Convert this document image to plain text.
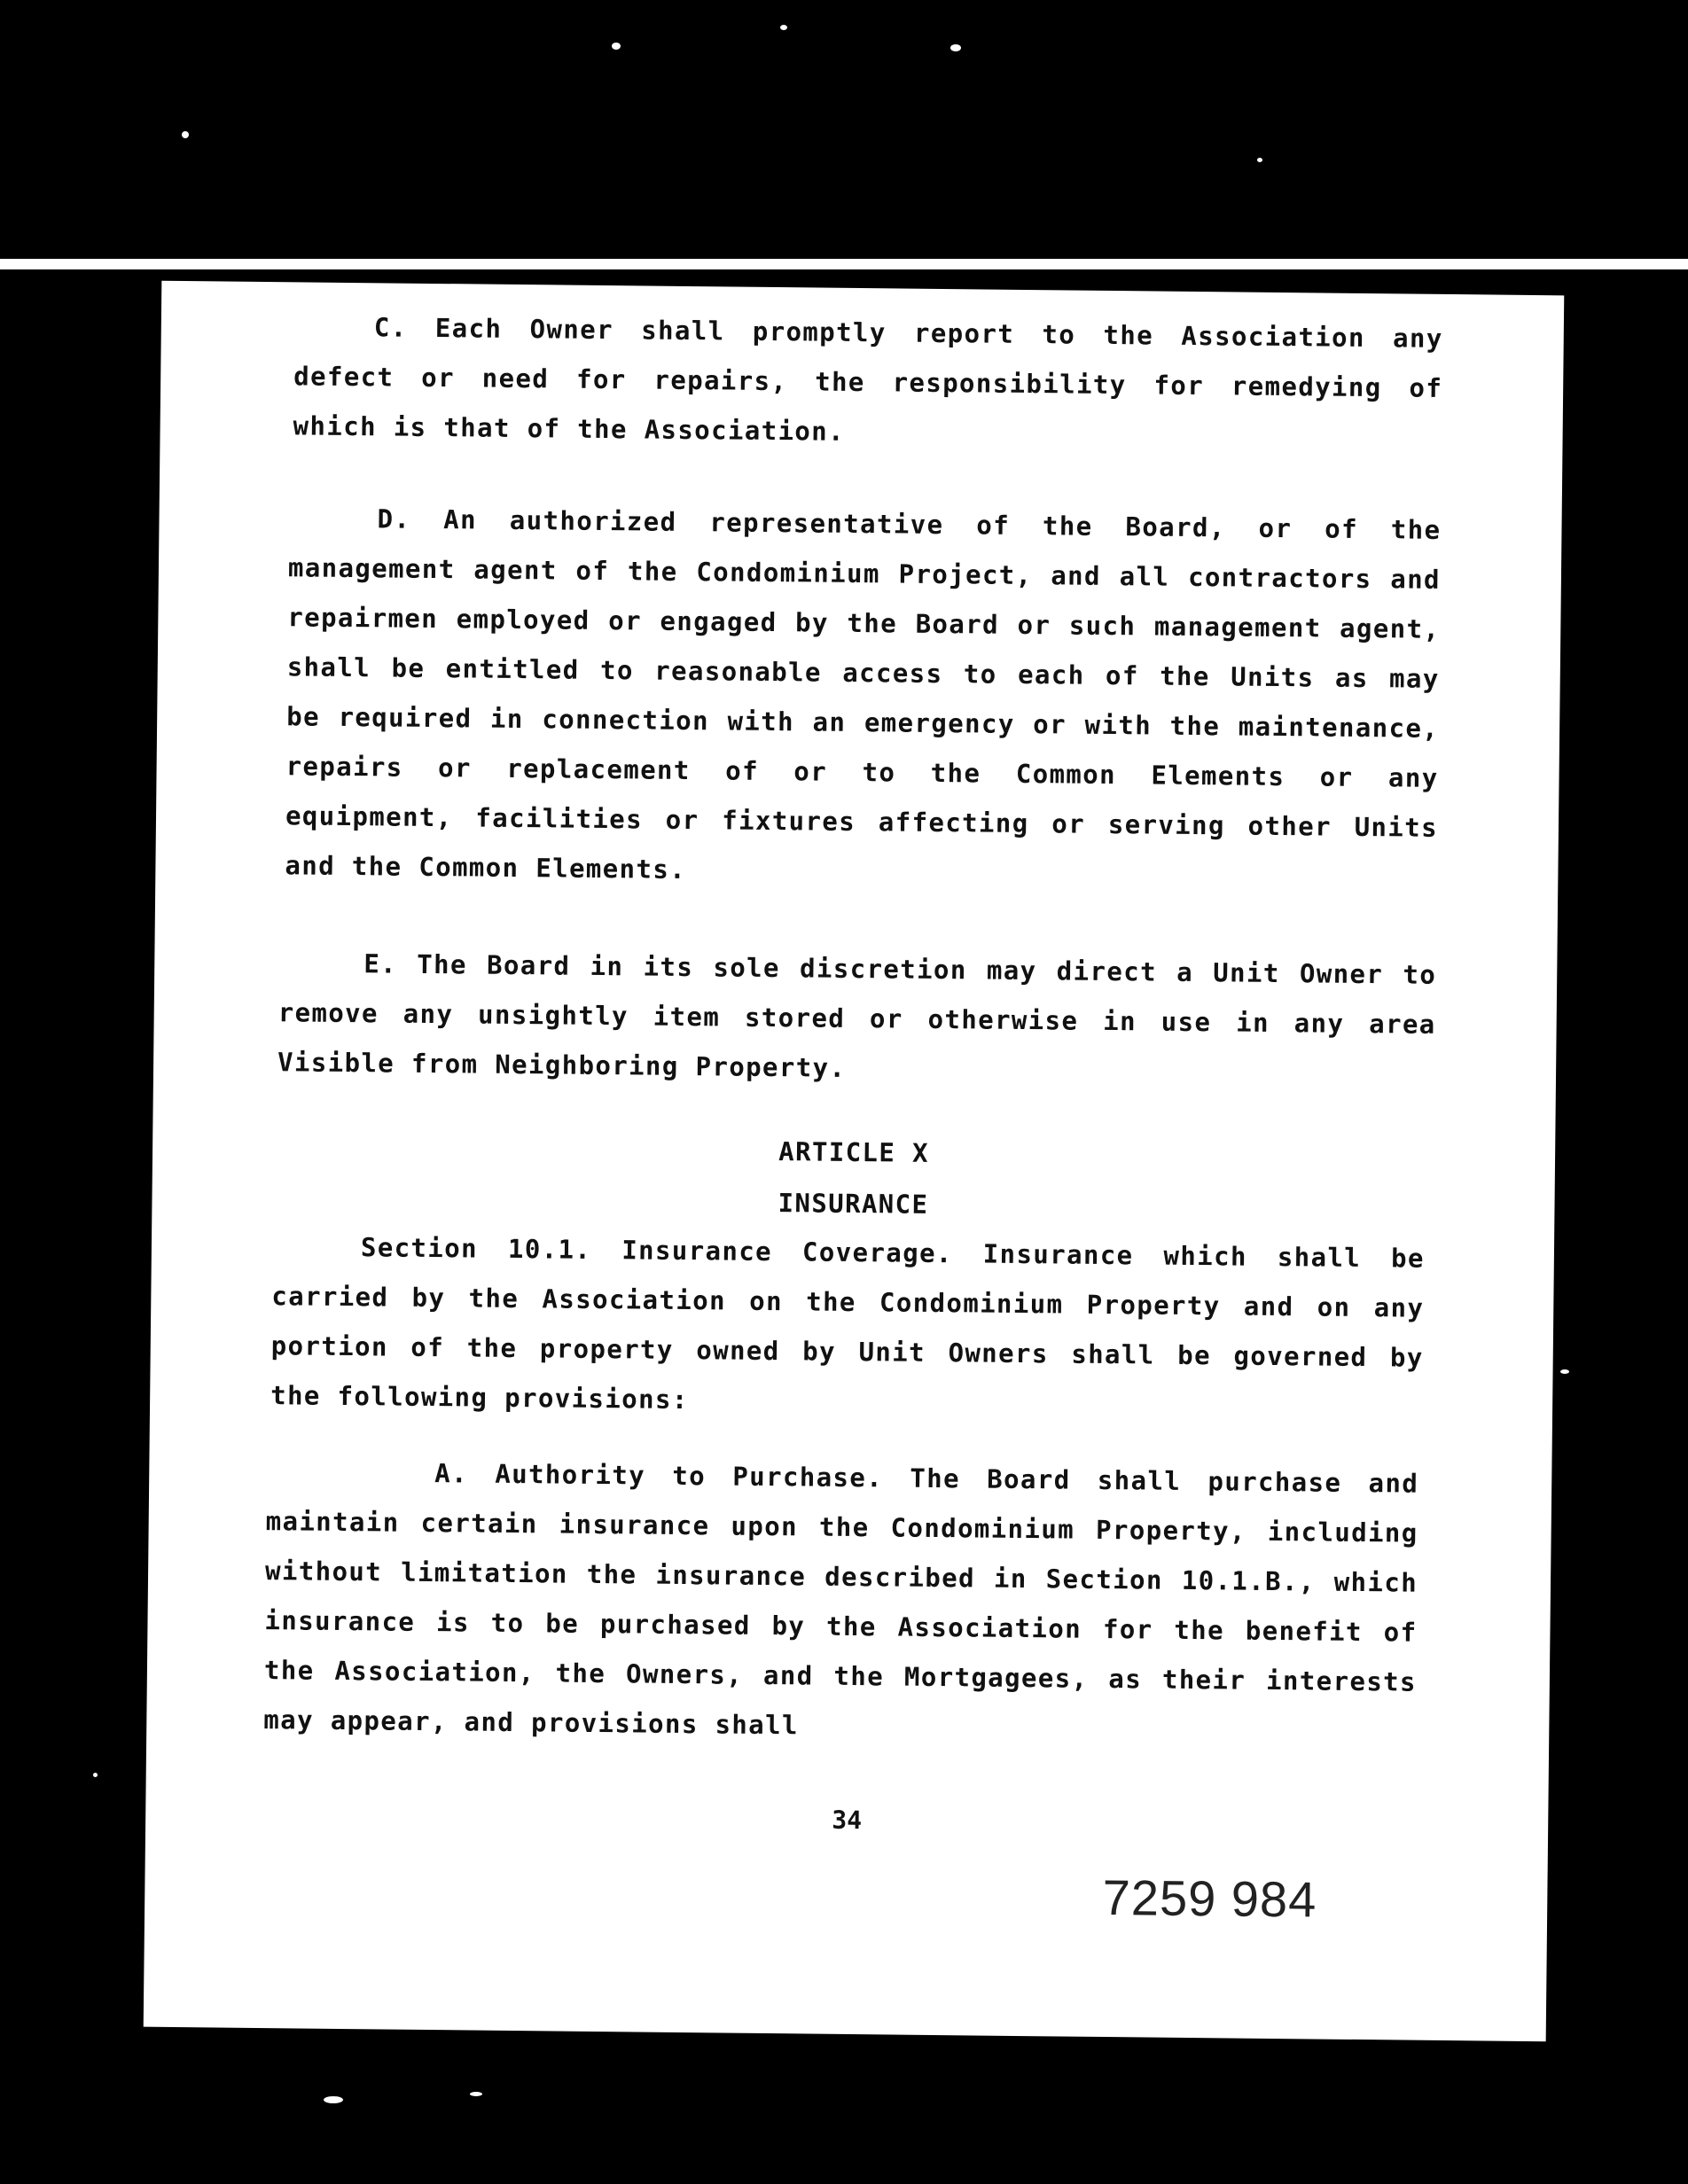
C. Each Owner shall promptly report to the Association any defect or need for repairs, the responsibility for remedying of which is that of the Association.
D. An authorized representative of the Board, or of the management agent of the Condominium Project, and all contractors and repairmen employed or engaged by the Board or such management agent, shall be entitled to reasonable access to each of the Units as may be required in connection with an emergency or with the maintenance, repairs or replacement of or to the Common Elements or any equipment, facilities or fixtures affecting or serving other Units and the Common Elements.
E. The Board in its sole discretion may direct a Unit Owner to remove any unsightly item stored or otherwise in use in any area Visible from Neighboring Property.

ARTICLE X

INSURANCE

Section 10.1. Insurance Coverage. Insurance which shall be carried by the Association on the Condominium Property and on any portion of the property owned by Unit Owners shall be governed by the following provisions:
A. Authority to Purchase. The Board shall purchase and maintain certain insurance upon the Condominium Property, including without limitation the insurance described in Section 10.1.B., which insurance is to be purchased by the Association for the benefit of the Association, the Owners, and the Mortgagees, as their interests may appear, and provisions shall

34

7259 984
